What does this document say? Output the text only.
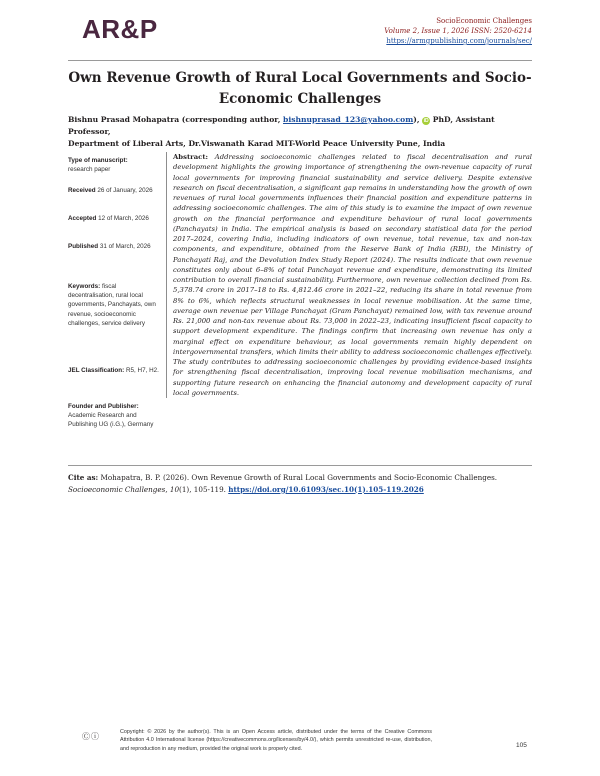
AR&P	SocioEconomic Challenges
Volume 2, Issue 1, 2026 ISSN: 2520-6214
https://armgpublishing.com/journals/sec/
Own Revenue Growth of Rural Local Governments and Socio-Economic Challenges
Bishnu Prasad Mohapatra (corresponding author, bishnuprasad_123@yahoo.com), iD PhD, Assistant Professor,
Department of Liberal Arts, Dr.Viswanath Karad MIT-World Peace University Pune, India
Type of manuscript:
research paper
Received 26 of January, 2026
Accepted 12 of March, 2026
Published 31 of March, 2026
Keywords: fiscal decentralisation, rural local governments, Panchayats, own revenue, socioeconomic challenges, service delivery
JEL Classification: R5, H7, H2.
Founder and Publisher:
Academic Research and Publishing UG (i.G.), Germany
Abstract: Addressing socioeconomic challenges related to fiscal decentralisation and rural development highlights the growing importance of strengthening the own-revenue capacity of rural local governments for improving financial sustainability and service delivery. Despite extensive research on fiscal decentralisation, a significant gap remains in understanding how the growth of own revenues of rural local governments influences their financial position and expenditure patterns in addressing socioeconomic challenges. The aim of this study is to examine the impact of own revenue growth on the financial performance and expenditure behaviour of rural local governments (Panchayats) in India. The empirical analysis is based on secondary statistical data for the period 2017–2024, covering India, including indicators of own revenue, total revenue, tax and non-tax components, and expenditure, obtained from the Reserve Bank of India (RBI), the Ministry of Panchayati Raj, and the Devolution Index Study Report (2024). The results indicate that own revenue constitutes only about 6–8% of total Panchayat revenue and expenditure, demonstrating its limited contribution to overall financial sustainability. Furthermore, own revenue collection declined from Rs. 5,378.74 crore in 2017–18 to Rs. 4,812.46 crore in 2021–22, reducing its share in total revenue from 8% to 6%, which reflects structural weaknesses in local revenue mobilisation. At the same time, average own revenue per Village Panchayat (Gram Panchayat) remained low, with tax revenue around Rs. 21,000 and non-tax revenue about Rs. 73,000 in 2022–23, indicating insufficient fiscal capacity to support development expenditure. The findings confirm that increasing own revenue has only a marginal effect on expenditure behaviour, as local governments remain highly dependent on intergovernmental transfers, which limits their ability to address socioeconomic challenges effectively. The study contributes to addressing socioeconomic challenges by providing evidence-based insights for strengthening fiscal decentralisation, improving local revenue mobilisation mechanisms, and supporting future research on enhancing the financial autonomy and development capacity of rural local governments.
Cite as: Mohapatra, B. P. (2026). Own Revenue Growth of Rural Local Governments and Socio-Economic Challenges. Socioeconomic Challenges, 10(1), 105-119. https://doi.org/10.61093/sec.10(1).105-119.2026
Ⓒⓘ	Copyright: © 2026 by the author(s). This is an Open Access article, distributed under the terms of the Creative Commons Attribution 4.0 International license (https://creativecommons.org/licenses/by/4.0/), which permits unrestricted re-use, distribution, and reproduction in any medium, provided the original work is properly cited.	105
